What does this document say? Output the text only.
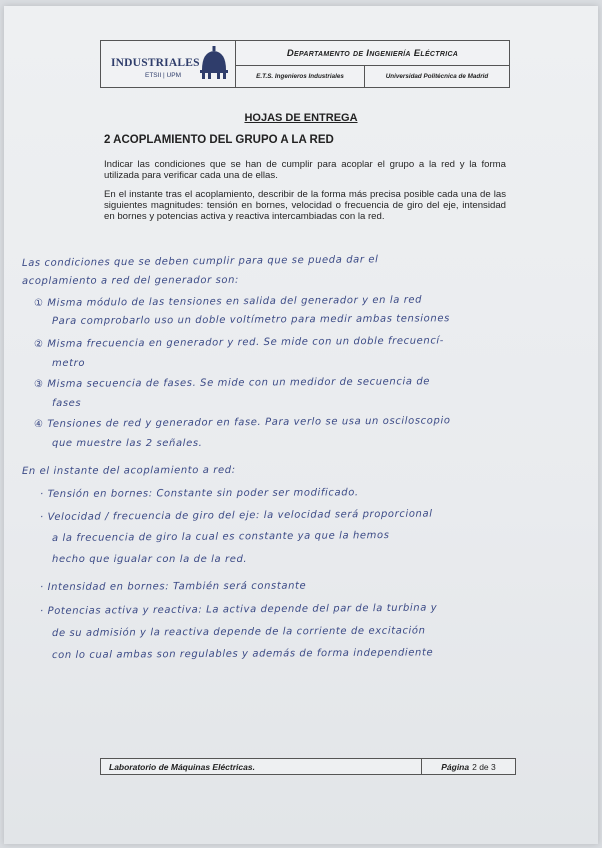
INDUSTRIALES
ETSII | UPM
Departamento de Ingeniería Eléctrica
E.T.S. Ingenieros Industriales	Universidad Politécnica de Madrid
HOJAS DE ENTREGA
2 ACOPLAMIENTO DEL GRUPO A LA RED
Indicar las condiciones que se han de cumplir para acoplar el grupo a la red y la forma utilizada para verificar cada una de ellas.
En el instante tras el acoplamiento, describir de la forma más precisa posible cada una de las siguientes magnitudes: tensión en bornes, velocidad o frecuencia de giro del eje, intensidad en bornes y potencias activa y reactiva intercambiadas con la red.
Las condiciones que se deben cumplir para que se pueda dar el
acoplamiento a red del generador son:
① Misma módulo de las tensiones en salida del generador y en la red
Para comprobarlo uso un doble voltímetro para medir ambas tensiones
② Misma frecuencia en generador y red. Se mide con un doble frecuencí-
metro
③ Misma secuencia de fases. Se mide con un medidor de secuencia de
fases
④ Tensiones de red y generador en fase. Para verlo se usa un osciloscopio
que muestre las 2 señales.
En el instante del acoplamiento a red:
· Tensión en bornes: Constante sin poder ser modificado.
· Velocidad / frecuencia de giro del eje: la velocidad será proporcional
a la frecuencia de giro la cual es constante ya que la hemos
hecho que igualar con la de la red.
· Intensidad en bornes: También será constante
· Potencias activa y reactiva: La activa depende del par de la turbina y
de su admisión y la reactiva depende de la corriente de excitación
con lo cual ambas son regulables y además de forma independiente
Laboratorio de Máquinas Eléctricas.	Página 2 de 3
